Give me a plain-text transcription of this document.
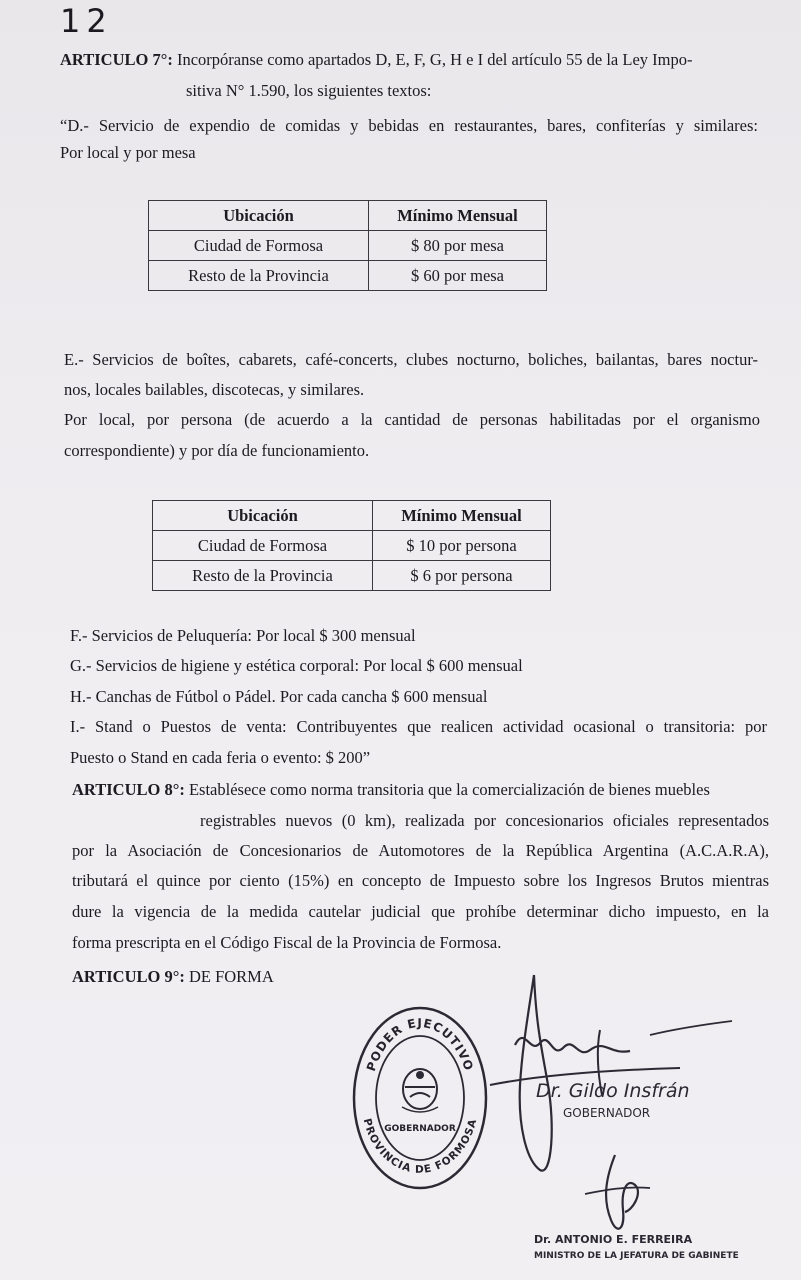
12
ARTICULO 7°: Incorpóranse como apartados D, E, F, G, H e I del artículo 55 de la Ley Impo-
sitiva N° 1.590, los siguientes textos:
“D.- Servicio de expendio de comidas y bebidas en restaurantes, bares, confiterías y similares:
Por local y por mesa
Ubicación	Mínimo Mensual
Ciudad de Formosa	$ 80 por mesa
Resto de la Provincia	$ 60 por mesa
E.- Servicios de boîtes, cabarets, café-concerts, clubes nocturno, boliches, bailantas, bares noctur-
nos, locales bailables, discotecas, y similares.
Por local, por persona (de acuerdo a la cantidad de personas habilitadas por el organismo
correspondiente) y por día de funcionamiento.
Ubicación	Mínimo Mensual
Ciudad de Formosa	$ 10 por persona
Resto de la Provincia	$ 6 por persona
F.- Servicios de Peluquería: Por local $ 300 mensual
G.- Servicios de higiene y estética corporal: Por local $ 600 mensual
H.- Canchas de Fútbol o Pádel. Por cada cancha $ 600 mensual
I.- Stand o Puestos de venta: Contribuyentes que realicen actividad ocasional o transitoria: por
Puesto o Stand en cada feria o evento: $ 200”
ARTICULO 8°: Establésece como norma transitoria que la comercialización de bienes muebles
registrables nuevos (0 km), realizada por concesionarios oficiales representados
por la Asociación de Concesionarios de Automotores de la República Argentina (A.C.A.R.A),
tributará el quince por ciento (15%) en concepto de Impuesto sobre los Ingresos Brutos mientras
dure la vigencia de la medida cautelar judicial que prohíbe determinar dicho impuesto, en la
forma prescripta en el Código Fiscal de la Provincia de Formosa.
ARTICULO 9°: DE FORMA
PODER EJECUTIVO
PROVINCIA DE FORMOSA
GOBERNADOR
Dr. Gildo Insfrán
GOBERNADOR
Dr. ANTONIO E. FERREIRA
MINISTRO DE LA JEFATURA DE GABINETE
